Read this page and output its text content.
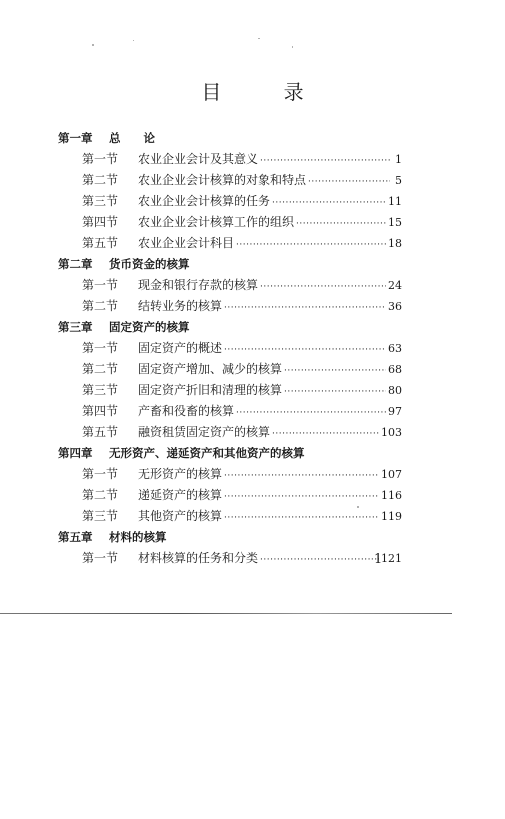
目 录
第一章 总　　论
第一节	农业企业会计及其意义 ·····	1
第二节	农业企业会计核算的对象和特点 ·····	5
第三节	农业企业会计核算的任务 ·····	11
第四节	农业企业会计核算工作的组织 ·····	15
第五节	农业企业会计科目 ·····	18
第二章 货币资金的核算
第一节	现金和银行存款的核算 ·····	24
第二节	结转业务的核算 ·····	36
第三章 固定资产的核算
第一节	固定资产的概述 ·····	63
第二节	固定资产增加、减少的核算 ·····	68
第三节	固定资产折旧和清理的核算 ·····	80
第四节	产畜和役畜的核算 ·····	97
第五节	融资租赁固定资产的核算 ·····	103
第四章 无形资产、递延资产和其他资产的核算
第一节	无形资产的核算 ·····	107
第二节	递延资产的核算 ·····	116
第三节	其他资产的核算 ·····	119
第五章 材料的核算
第一节	材料核算的任务和分类 ·····	121
1
